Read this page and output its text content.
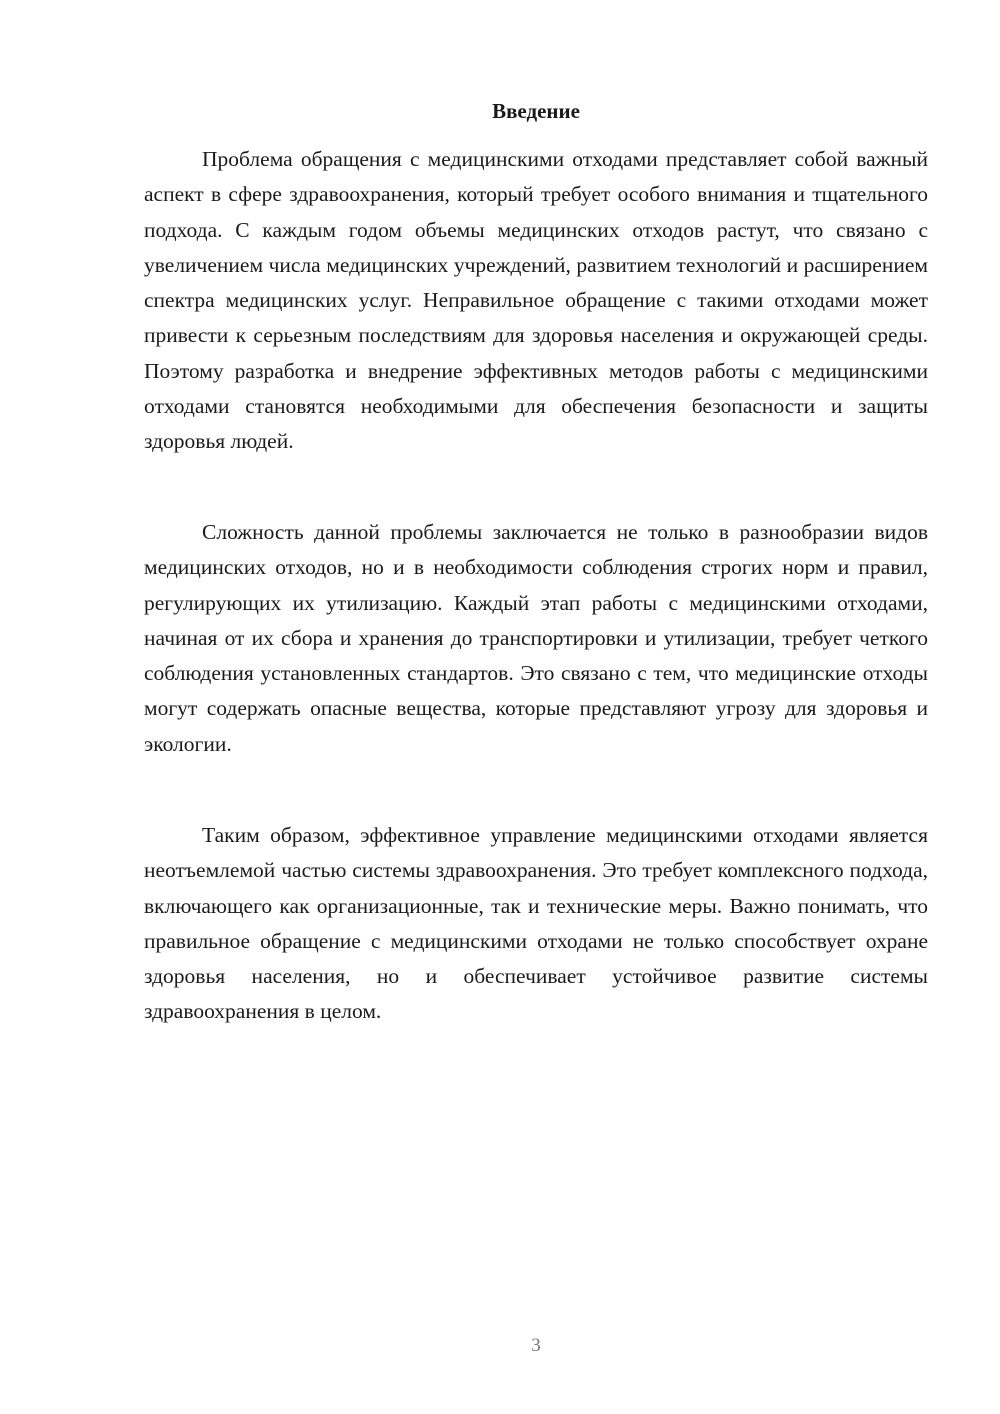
Введение

Проблема обращения с медицинскими отходами представляет собой важный аспект в сфере здравоохранения, который требует особого внимания и тщательного подхода. С каждым годом объемы медицинских отходов растут, что связано с увеличением числа медицинских учреждений, развитием технологий и расширением спектра медицинских услуг. Неправильное обращение с такими отходами может привести к серьезным последствиям для здоровья населения и окружающей среды. Поэтому разработка и внедрение эффективных методов работы с медицинскими отходами становятся необходимыми для обеспечения безопасности и защиты здоровья людей.

Сложность данной проблемы заключается не только в разнообразии видов медицинских отходов, но и в необходимости соблюдения строгих норм и правил, регулирующих их утилизацию. Каждый этап работы с медицинскими отходами, начиная от их сбора и хранения до транспортировки и утилизации, требует четкого соблюдения установленных стандартов. Это связано с тем, что медицинские отходы могут содержать опасные вещества, которые представляют угрозу для здоровья и экологии.

Таким образом, эффективное управление медицинскими отходами является неотъемлемой частью системы здравоохранения. Это требует комплексного подхода, включающего как организационные, так и технические меры. Важно понимать, что правильное обращение с медицинскими отходами не только способствует охране здоровья населения, но и обеспечивает устойчивое развитие системы здравоохранения в целом.

3
